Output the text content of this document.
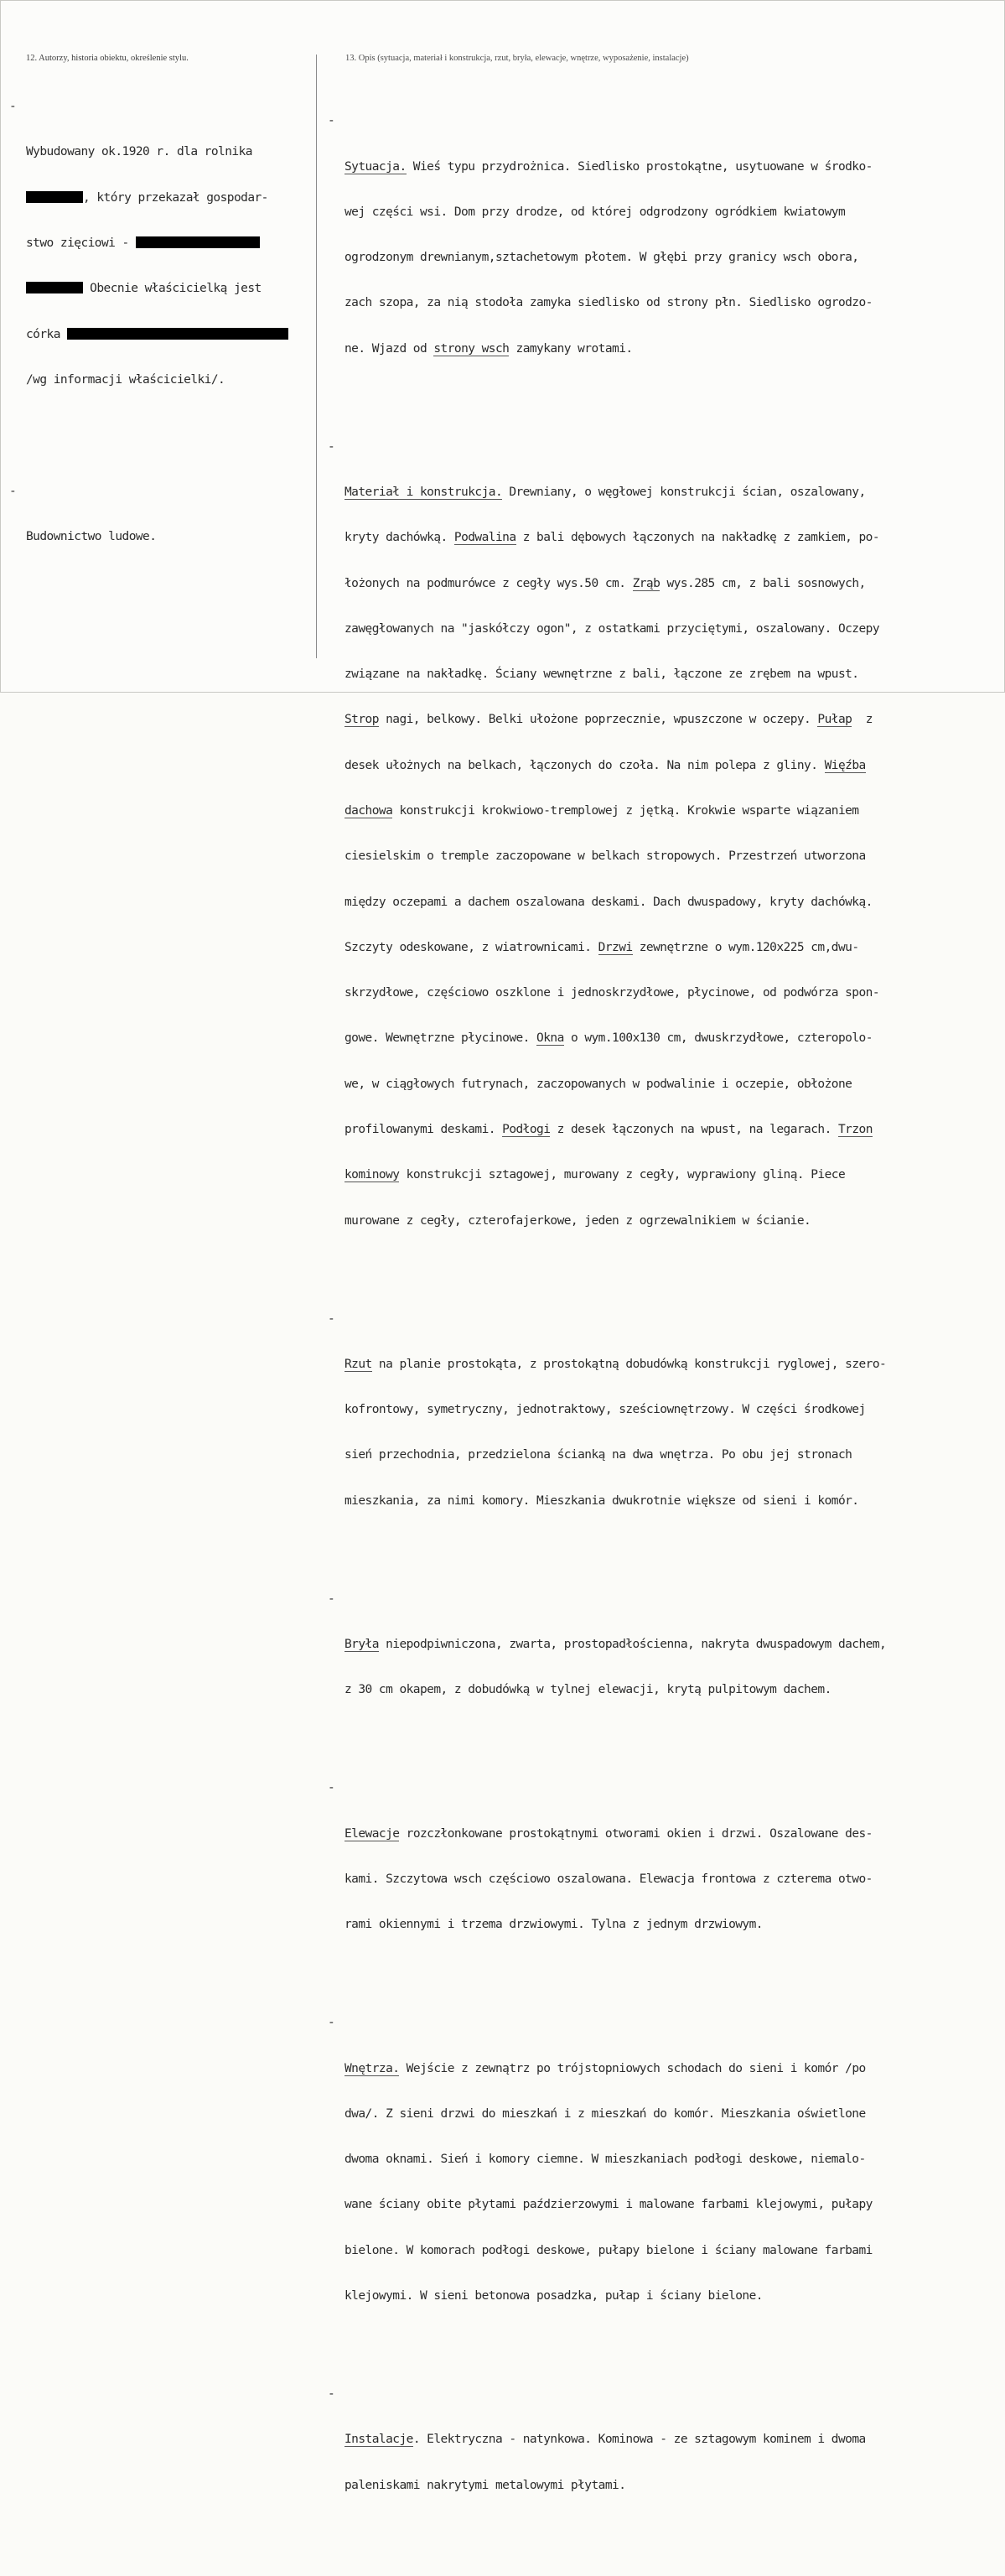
12. Autorzy, historia obiektu, określenie stylu.	13. Opis (sytuacja, materiał i konstrukcja, rzut, bryła, elewacje, wnętrze, wyposażenie, instalacje)

-

Wybudowany ok.1920 r. dla rolnika

, który przekazał gospodar-

stwo zięciowi -

Obecnie właścicielką jest

córka

/wg informacji właścicielki/.

-

Budownictwo ludowe.

-

Sytuacja. Wieś typu przydrożnica. Siedlisko prostokątne, usytuowane w środko-

wej części wsi. Dom przy drodze, od której odgrodzony ogródkiem kwiatowym

ogrodzonym drewnianym,sztachetowym płotem. W głębi przy granicy wsch obora,

zach szopa, za nią stodoła zamyka siedlisko od strony płn. Siedlisko ogrodzo-

ne. Wjazd od strony wsch zamykany wrotami.

-

Materiał i konstrukcja. Drewniany, o węgłowej konstrukcji ścian, oszalowany,

kryty dachówką. Podwalina z bali dębowych łączonych na nakładkę z zamkiem, po-

łożonych na podmurówce z cegły wys.50 cm. Zrąb wys.285 cm, z bali sosnowych,

zawęgłowanych na "jaskółczy ogon", z ostatkami przyciętymi, oszalowany. Oczepy

związane na nakładkę. Ściany wewnętrzne z bali, łączone ze zrębem na wpust.

Strop nagi, belkowy. Belki ułożone poprzecznie, wpuszczone w oczepy. Pułap  z

desek ułożnych na belkach, łączonych do czoła. Na nim polepa z gliny. Więźba

dachowa konstrukcji krokwiowo-tremplowej z jętką. Krokwie wsparte wiązaniem

ciesielskim o tremple zaczopowane w belkach stropowych. Przestrzeń utworzona

między oczepami a dachem oszalowana deskami. Dach dwuspadowy, kryty dachówką.

Szczyty odeskowane, z wiatrownicami. Drzwi zewnętrzne o wym.120x225 cm,dwu-

skrzydłowe, częściowo oszklone i jednoskrzydłowe, płycinowe, od podwórza spon-

gowe. Wewnętrzne płycinowe. Okna o wym.100x130 cm, dwuskrzydłowe, czteropolo-

we, w ciągłowych futrynach, zaczopowanych w podwalinie i oczepie, obłożone

profilowanymi deskami. Podłogi z desek łączonych na wpust, na legarach. Trzon

kominowy konstrukcji sztagowej, murowany z cegły, wyprawiony gliną. Piece

murowane z cegły, czterofajerkowe, jeden z ogrzewalnikiem w ścianie.

-

Rzut na planie prostokąta, z prostokątną dobudówką konstrukcji ryglowej, szero-

kofrontowy, symetryczny, jednotraktowy, sześciownętrzowy. W części środkowej

sień przechodnia, przedzielona ścianką na dwa wnętrza. Po obu jej stronach

mieszkania, za nimi komory. Mieszkania dwukrotnie większe od sieni i komór.

-

Bryła niepodpiwniczona, zwarta, prostopadłościenna, nakryta dwuspadowym dachem,

z 30 cm okapem, z dobudówką w tylnej elewacji, krytą pulpitowym dachem.

-

Elewacje rozczłonkowane prostokątnymi otworami okien i drzwi. Oszalowane des-

kami. Szczytowa wsch częściowo oszalowana. Elewacja frontowa z czterema otwo-

rami okiennymi i trzema drzwiowymi. Tylna z jednym drzwiowym.

-

Wnętrza. Wejście z zewnątrz po trójstopniowych schodach do sieni i komór /po

dwa/. Z sieni drzwi do mieszkań i z mieszkań do komór. Mieszkania oświetlone

dwoma oknami. Sień i komory ciemne. W mieszkaniach podłogi deskowe, niemalo-

wane ściany obite płytami paździerzowymi i malowane farbami klejowymi, pułapy

bielone. W komorach podłogi deskowe, pułapy bielone i ściany malowane farbami

klejowymi. W sieni betonowa posadzka, pułap i ściany bielone.

-

Instalacje. Elektryczna - natynkowa. Kominowa - ze sztagowym kominem i dwoma

paleniskami nakrytymi metalowymi płytami.
